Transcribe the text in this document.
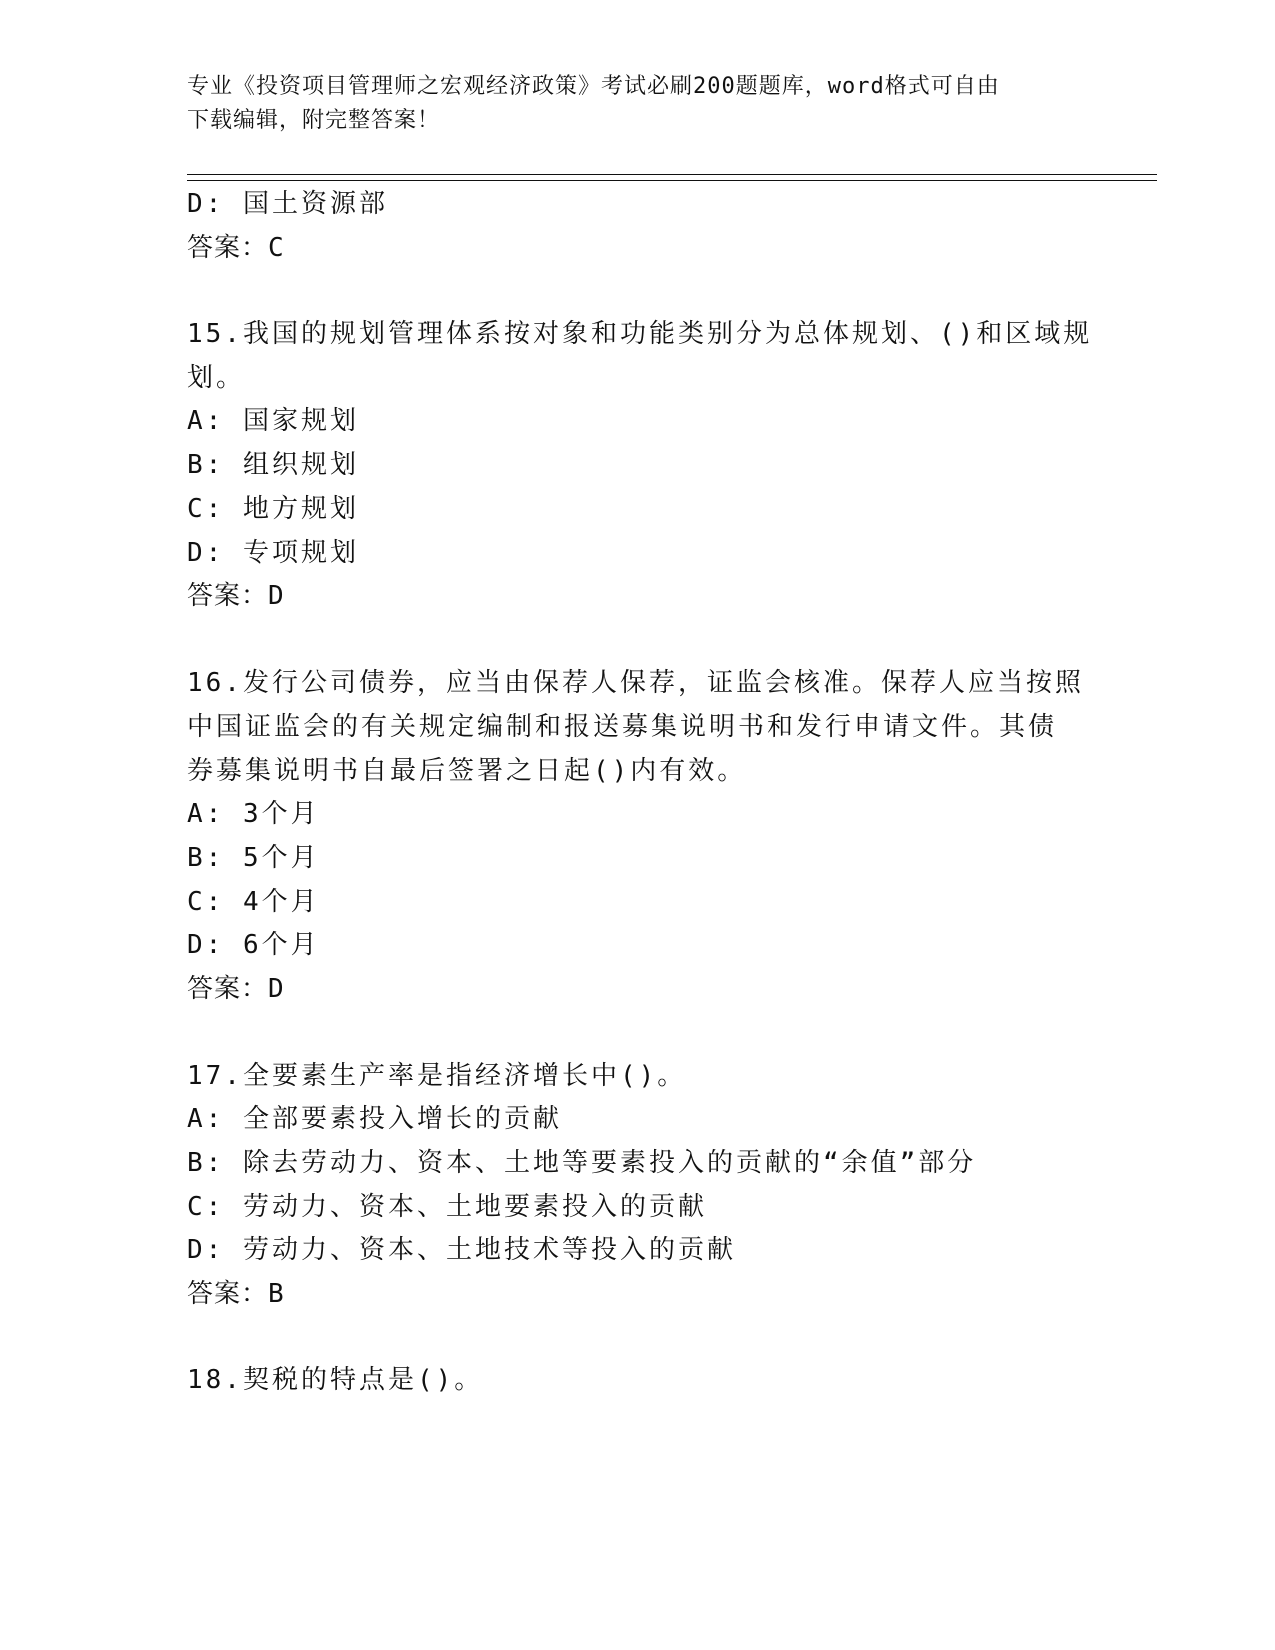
专业《投资项目管理师之宏观经济政策》考试必刷200题题库，word格式可自由
下载编辑，附完整答案！
D: 国土资源部
答案：C
15.我国的规划管理体系按对象和功能类别分为总体规划、()和区域规
划。
A: 国家规划
B: 组织规划
C: 地方规划
D: 专项规划
答案：D
16.发行公司债券，应当由保荐人保荐，证监会核准。保荐人应当按照
中国证监会的有关规定编制和报送募集说明书和发行申请文件。其债
券募集说明书自最后签署之日起()内有效。
A: 3个月
B: 5个月
C: 4个月
D: 6个月
答案：D
17.全要素生产率是指经济增长中()。
A: 全部要素投入增长的贡献
B: 除去劳动力、资本、土地等要素投入的贡献的“余值”部分
C: 劳动力、资本、土地要素投入的贡献
D: 劳动力、资本、土地技术等投入的贡献
答案：B
18.契税的特点是()。
